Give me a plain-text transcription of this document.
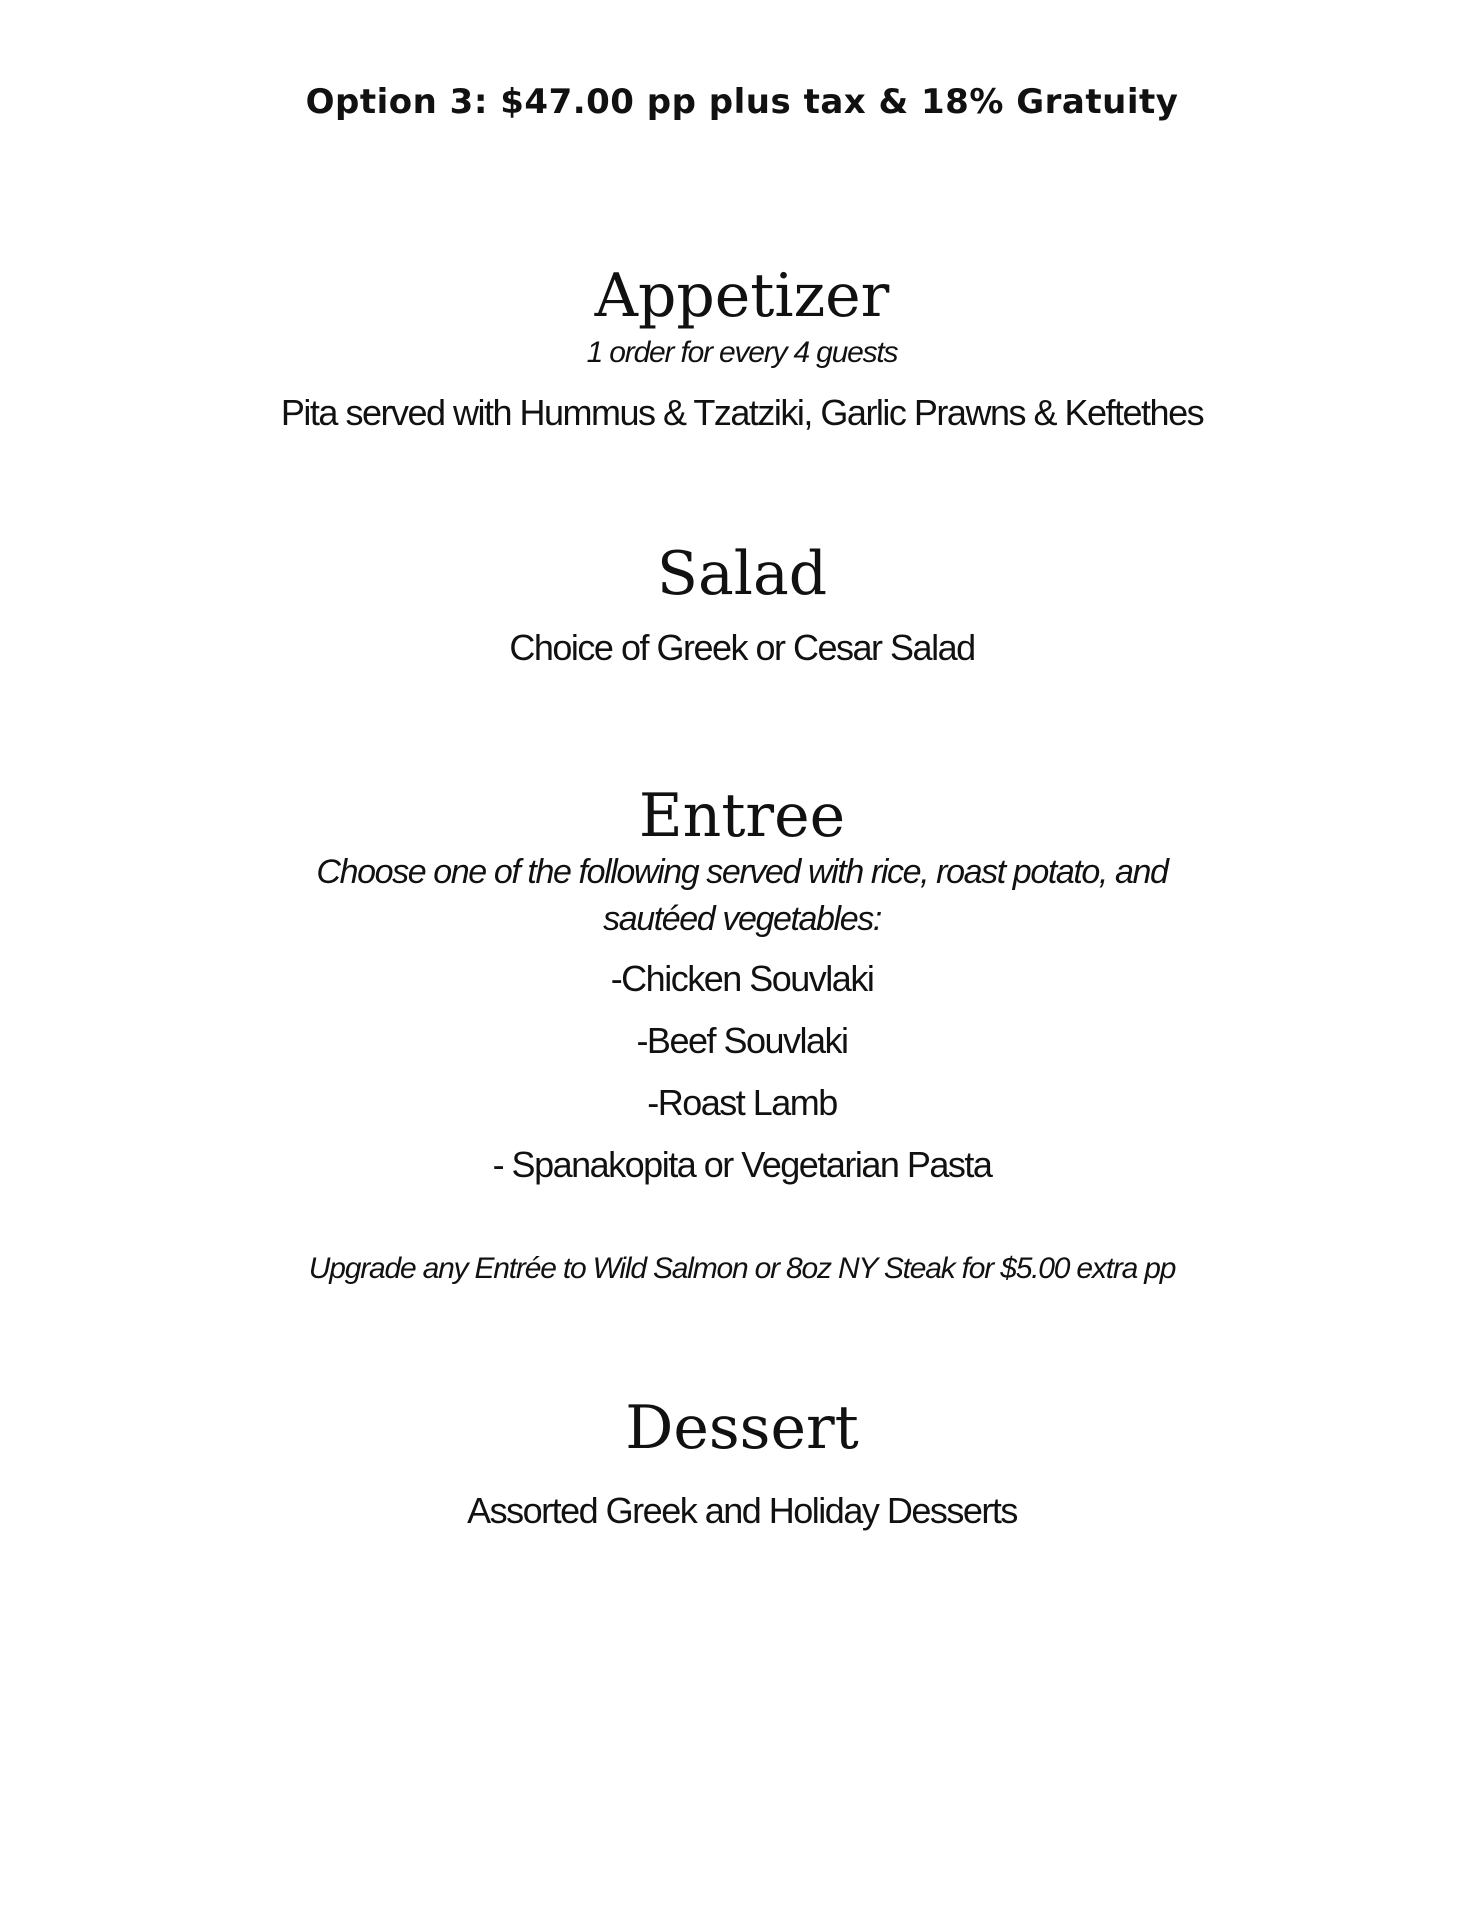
Option 3: $47.00 pp plus tax & 18% Gratuity

Appetizer

1 order for every 4 guests

Pita served with Hummus & Tzatziki, Garlic Prawns & Keftethes

Salad

Choice of Greek or Cesar Salad

Entree

Choose one of the following served with rice, roast potato, and

sautéed vegetables:

-Chicken Souvlaki

-Beef Souvlaki

-Roast Lamb

- Spanakopita or Vegetarian Pasta

Upgrade any Entrée to Wild Salmon or 8oz NY Steak for $5.00 extra pp

Dessert

Assorted Greek and Holiday Desserts
